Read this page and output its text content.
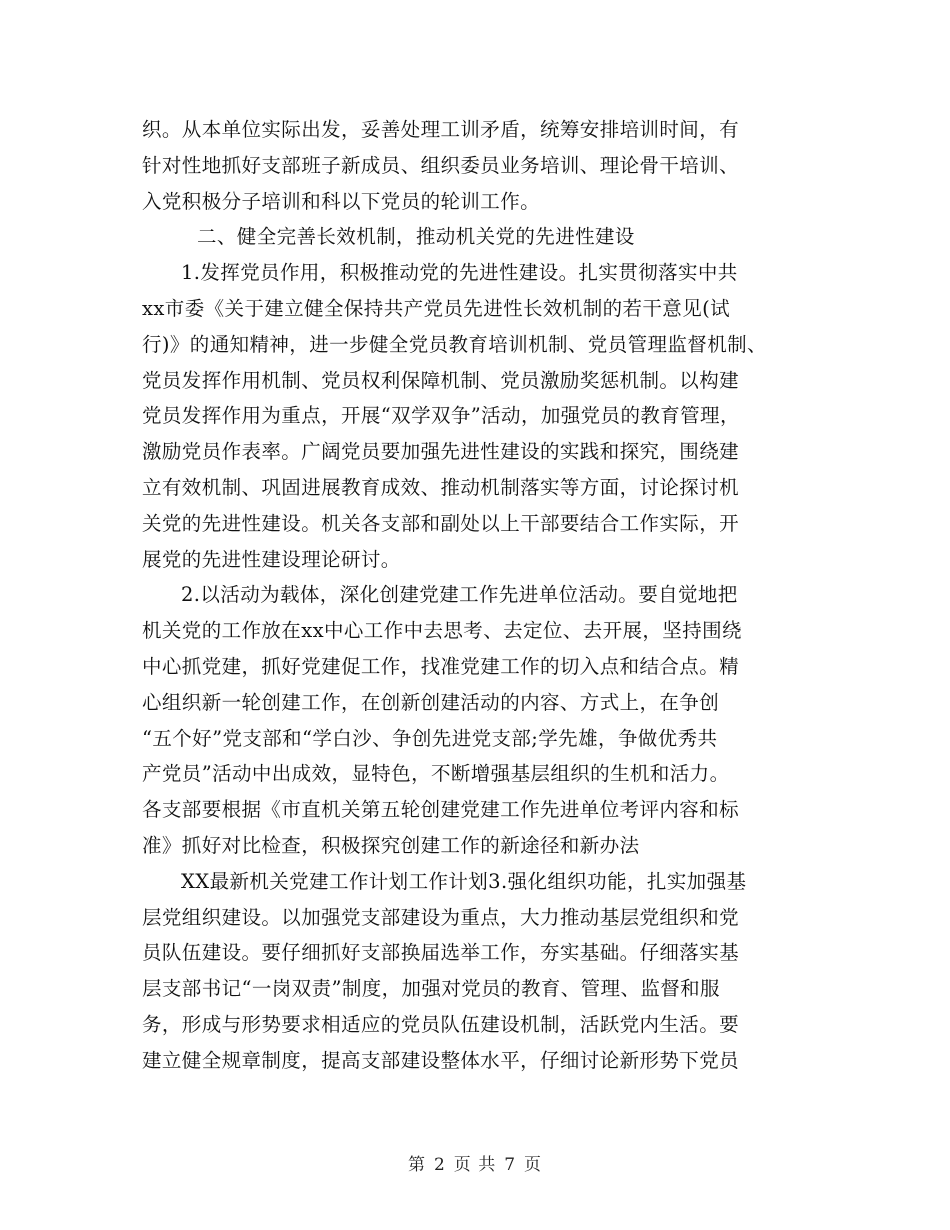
织。从本单位实际出发，妥善处理工训矛盾，统筹安排培训时间，有
针对性地抓好支部班子新成员、组织委员业务培训、理论骨干培训、
入党积极分子培训和科以下党员的轮训工作。

二、健全完善长效机制，推动机关党的先进性建设

1.发挥党员作用，积极推动党的先进性建设。扎实贯彻落实中共
xx市委《关于建立健全保持共产党员先进性长效机制的若干意见(试
行)》的通知精神，进一步健全党员教育培训机制、党员管理监督机制、
党员发挥作用机制、党员权利保障机制、党员激励奖惩机制。以构建
党员发挥作用为重点，开展“双学双争”活动，加强党员的教育管理，
激励党员作表率。广阔党员要加强先进性建设的实践和探究，围绕建
立有效机制、巩固进展教育成效、推动机制落实等方面，讨论探讨机
关党的先进性建设。机关各支部和副处以上干部要结合工作实际，开
展党的先进性建设理论研讨。

2.以活动为载体，深化创建党建工作先进单位活动。要自觉地把
机关党的工作放在xx中心工作中去思考、去定位、去开展，坚持围绕
中心抓党建，抓好党建促工作，找准党建工作的切入点和结合点。精
心组织新一轮创建工作，在创新创建活动的内容、方式上，在争创
“五个好”党支部和“学白沙、争创先进党支部;学先雄，争做优秀共
产党员”活动中出成效，显特色，不断增强基层组织的生机和活力。
各支部要根据《市直机关第五轮创建党建工作先进单位考评内容和标
准》抓好对比检查，积极探究创建工作的新途径和新办法

XX最新机关党建工作计划工作计划3.强化组织功能，扎实加强基
层党组织建设。以加强党支部建设为重点，大力推动基层党组织和党
员队伍建设。要仔细抓好支部换届选举工作，夯实基础。仔细落实基
层支部书记“一岗双责”制度，加强对党员的教育、管理、监督和服
务，形成与形势要求相适应的党员队伍建设机制，活跃党内生活。要
建立健全规章制度，提高支部建设整体水平，仔细讨论新形势下党员

第 2 页 共 7 页
